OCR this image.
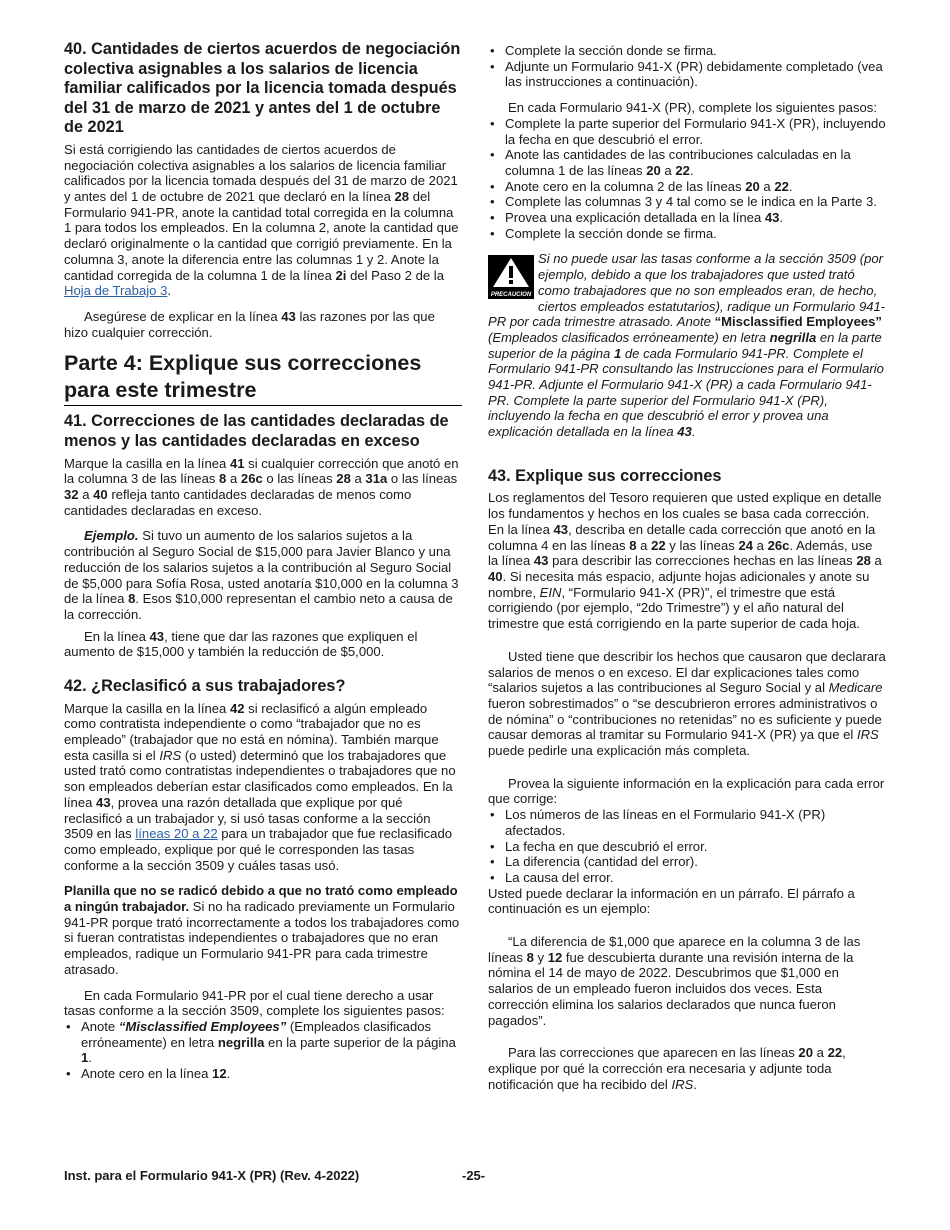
40. Cantidades de ciertos acuerdos de negociación colectiva asignables a los salarios de licencia familiar calificados por la licencia tomada después del 31 de marzo de 2021 y antes del 1 de octubre de 2021

Si está corrigiendo las cantidades de ciertos acuerdos de negociación colectiva asignables a los salarios de licencia familiar calificados por la licencia tomada después del 31 de marzo de 2021 y antes del 1 de octubre de 2021 que declaró en la línea 28 del Formulario 941-PR, anote la cantidad total corregida en la columna 1 para todos los empleados. En la columna 2, anote la cantidad que declaró originalmente o la cantidad que corrigió previamente. En la columna 3, anote la diferencia entre las columnas 1 y 2. Anote la cantidad corregida de la columna 1 de la línea 2i del Paso 2 de la Hoja de Trabajo 3.

Asegúrese de explicar en la línea 43 las razones por las que hizo cualquier corrección.

Parte 4: Explique sus correcciones para este trimestre
41. Correcciones de las cantidades declaradas de menos y las cantidades declaradas en exceso

Marque la casilla en la línea 41 si cualquier corrección que anotó en la columna 3 de las líneas 8 a 26c o las líneas 28 a 31a o las líneas 32 a 40 refleja tanto cantidades declaradas de menos como cantidades declaradas en exceso.

Ejemplo. Si tuvo un aumento de los salarios sujetos a la contribución al Seguro Social de $15,000 para Javier Blanco y una reducción de los salarios sujetos a la contribución al Seguro Social de $5,000 para Sofía Rosa, usted anotaría $10,000 en la columna 3 de la línea 8. Esos $10,000 representan el cambio neto a causa de la corrección.

En la línea 43, tiene que dar las razones que expliquen el aumento de $15,000 y también la reducción de $5,000.

42. ¿Reclasificó a sus trabajadores?

Marque la casilla en la línea 42 si reclasificó a algún empleado como contratista independiente o como “trabajador que no es empleado” (trabajador que no está en nómina). También marque esta casilla si el IRS (o usted) determinó que los trabajadores que usted trató como contratistas independientes o trabajadores que no son empleados deberían estar clasificados como empleados. En la línea 43, provea una razón detallada que explique por qué reclasificó a un trabajador y, si usó tasas conforme a la sección 3509 en las líneas 20 a 22 para un trabajador que fue reclasificado como empleado, explique por qué le corresponden las tasas conforme a la sección 3509 y cuáles tasas usó.

Planilla que no se radicó debido a que no trató como empleado a ningún trabajador. Si no ha radicado previamente un Formulario 941-PR porque trató incorrectamente a todos los trabajadores como si fueran contratistas independientes o trabajadores que no eran empleados, radique un Formulario 941-PR para cada trimestre atrasado.

En cada Formulario 941-PR por el cual tiene derecho a usar tasas conforme a la sección 3509, complete los siguientes pasos:

• Anote “Misclassified Employees” (Empleados clasificados erróneamente) en letra negrilla en la parte superior de la página 1.
• Anote cero en la línea 12.
• Complete la sección donde se firma.
• Adjunte un Formulario 941-X (PR) debidamente completado (vea las instrucciones a continuación).

En cada Formulario 941-X (PR), complete los siguientes pasos:

• Complete la parte superior del Formulario 941-X (PR), incluyendo la fecha en que descubrió el error.
• Anote las cantidades de las contribuciones calculadas en la columna 1 de las líneas 20 a 22.
• Anote cero en la columna 2 de las líneas 20 a 22.
• Complete las columnas 3 y 4 tal como se le indica en la Parte 3.
• Provea una explicación detallada en la línea 43.
• Complete la sección donde se firma.
PRECAUCION
Si no puede usar las tasas conforme a la sección 3509 (por ejemplo, debido a que los trabajadores que usted trató como trabajadores que no son empleados eran, de hecho, ciertos empleados estatutarios), radique un Formulario 941-PR por cada trimestre atrasado. Anote “Misclassified Employees” (Empleados clasificados erróneamente) en letra negrilla en la parte superior de la página 1 de cada Formulario 941-PR. Complete el Formulario 941-PR consultando las Instrucciones para el Formulario 941-PR. Adjunte el Formulario 941-X (PR) a cada Formulario 941-PR. Complete la parte superior del Formulario 941-X (PR), incluyendo la fecha en que descubrió el error y provea una explicación detallada en la línea 43.
43. Explique sus correcciones

Los reglamentos del Tesoro requieren que usted explique en detalle los fundamentos y hechos en los cuales se basa cada corrección. En la línea 43, describa en detalle cada corrección que anotó en la columna 4 en las líneas 8 a 22 y las líneas 24 a 26c. Además, use la línea 43 para describir las correcciones hechas en las líneas 28 a 40. Si necesita más espacio, adjunte hojas adicionales y anote su nombre, EIN, “Formulario 941-X (PR)”, el trimestre que está corrigiendo (por ejemplo, “2do Trimestre”) y el año natural del trimestre que está corrigiendo en la parte superior de cada hoja.

Usted tiene que describir los hechos que causaron que declarara salarios de menos o en exceso. El dar explicaciones tales como “salarios sujetos a las contribuciones al Seguro Social y al Medicare fueron sobrestimados” o “se descubrieron errores administrativos o de nómina” o “contribuciones no retenidas” no es suficiente y puede causar demoras al tramitar su Formulario 941-X (PR) ya que el IRS puede pedirle una explicación más completa.

Provea la siguiente información en la explicación para cada error que corrige:

• Los números de las líneas en el Formulario 941-X (PR) afectados.
• La fecha en que descubrió el error.
• La diferencia (cantidad del error).
• La causa del error.

Usted puede declarar la información en un párrafo. El párrafo a continuación es un ejemplo:

“La diferencia de $1,000 que aparece en la columna 3 de las líneas 8 y 12 fue descubierta durante una revisión interna de la nómina el 14 de mayo de 2022. Descubrimos que $1,000 en salarios de un empleado fueron incluidos dos veces. Esta corrección elimina los salarios declarados que nunca fueron pagados”.

Para las correcciones que aparecen en las líneas 20 a 22, explique por qué la corrección era necesaria y adjunte toda notificación que ha recibido del IRS.

Inst. para el Formulario 941-X (PR) (Rev. 4-2022)	-25-
